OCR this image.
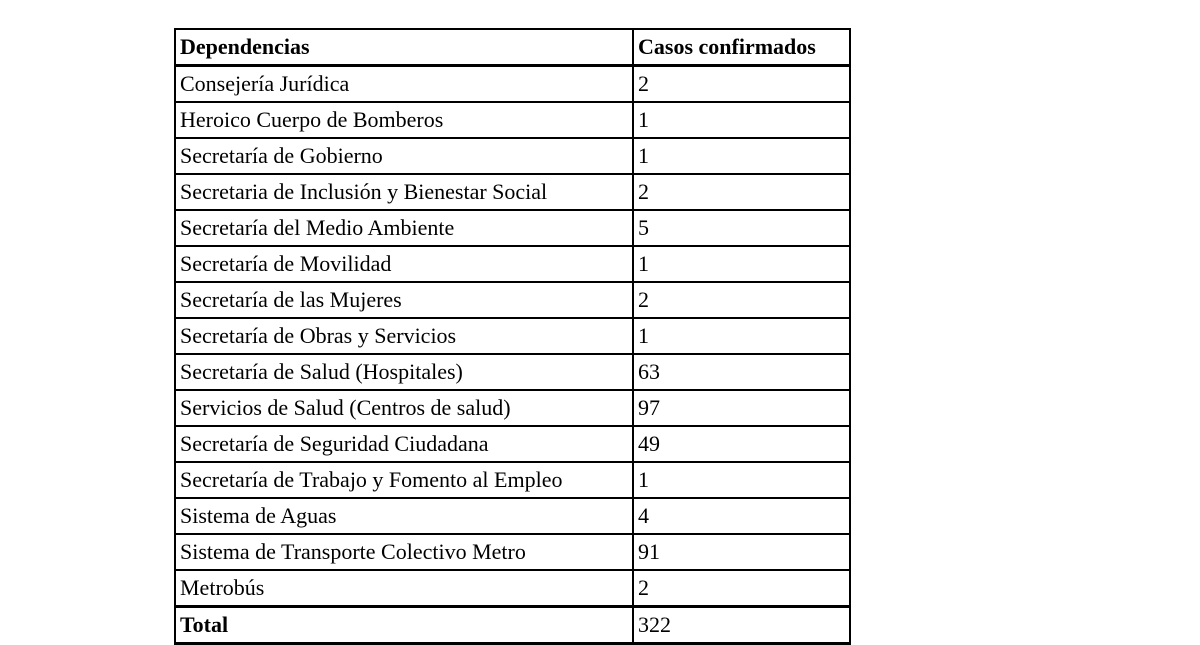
Dependencias	Casos confirmados
Consejería Jurídica	2
Heroico Cuerpo de Bomberos	1
Secretaría de Gobierno	1
Secretaria de Inclusión y Bienestar Social	2
Secretaría del Medio Ambiente	5
Secretaría de Movilidad	1
Secretaría de las Mujeres	2
Secretaría de Obras y Servicios	1
Secretaría de Salud (Hospitales)	63
Servicios de Salud (Centros de salud)	97
Secretaría de Seguridad Ciudadana	49
Secretaría de Trabajo y Fomento al Empleo	1
Sistema de Aguas	4
Sistema de Transporte Colectivo Metro	91
Metrobús	2
Total	322
